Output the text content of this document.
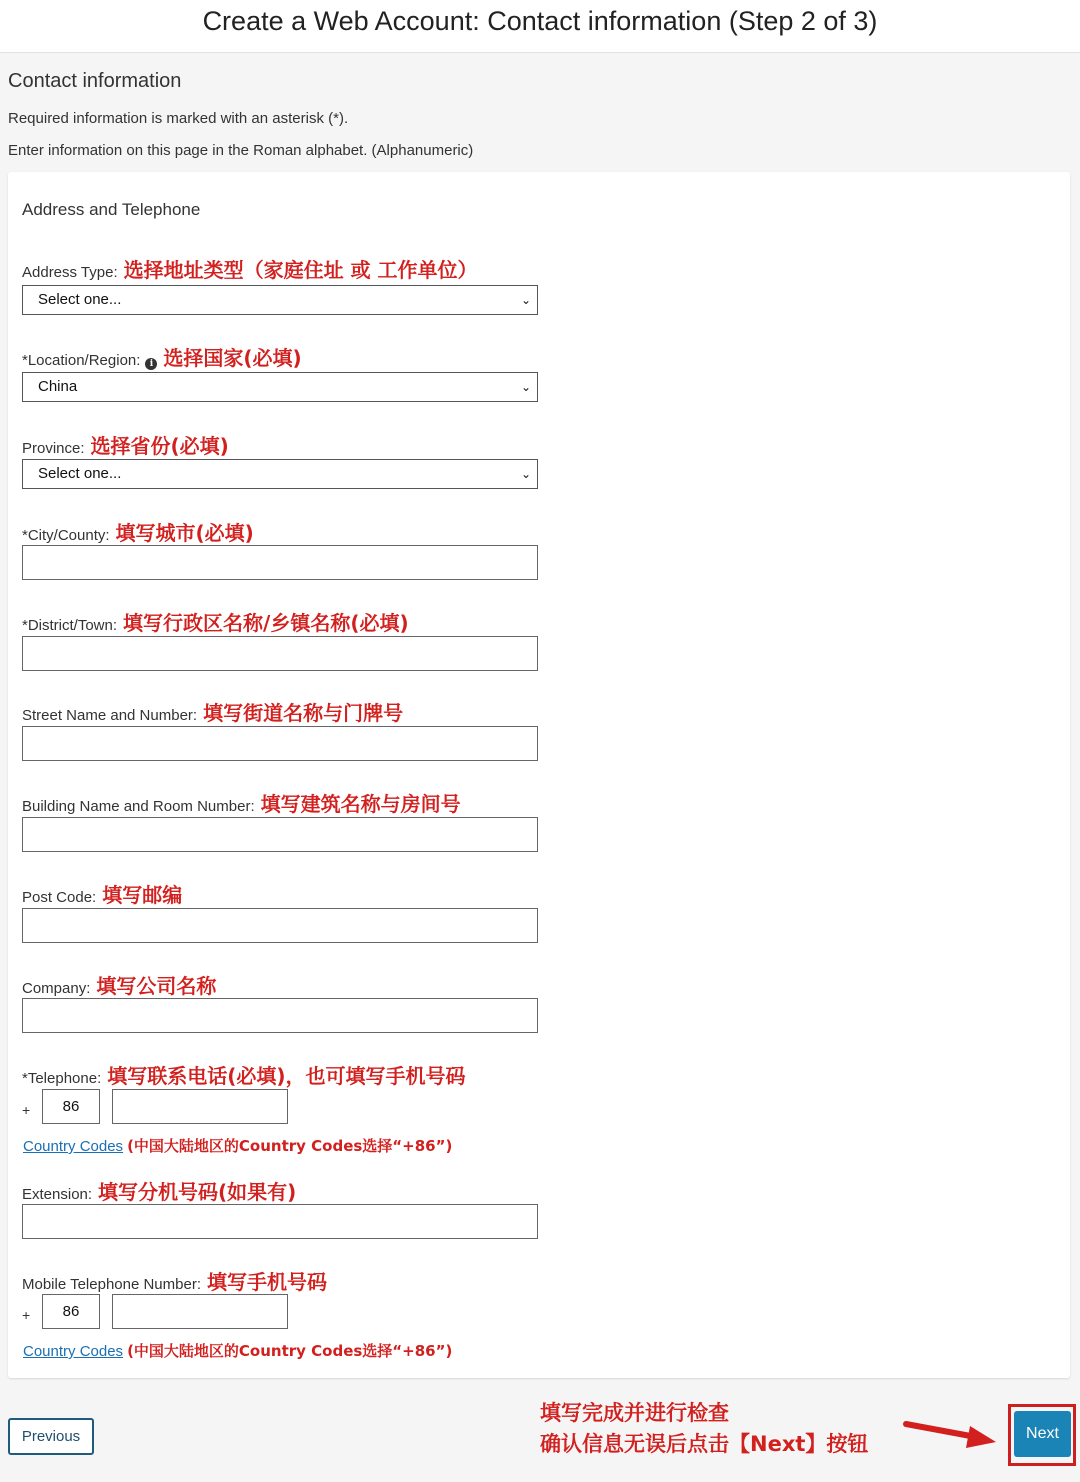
Create a Web Account: Contact information (Step 2 of 3)
Contact information
Required information is marked with an asterisk (*).
Enter information on this page in the Roman alphabet. (Alphanumeric)
Address and Telephone
Address Type: 选择地址类型（家庭住址 或 工作单位）
Select one...	⌄
*Location/Region:	i 选择国家(必填)
China	⌄
Province: 选择省份(必填)
Select one...	⌄
*City/County: 填写城市(必填)
*District/Town: 填写行政区名称/乡镇名称(必填)
Street Name and Number: 填写街道名称与门牌号
Building Name and Room Number: 填写建筑名称与房间号
Post Code: 填写邮编
Company: 填写公司名称
*Telephone: 填写联系电话(必填)，也可填写手机号码
+	86
Country Codes (中国大陆地区的Country Codes选择“+86”)
Extension: 填写分机号码(如果有)
Mobile Telephone Number: 填写手机号码
+	86
Country Codes (中国大陆地区的Country Codes选择“+86”)
Previous
填写完成并进行检查
确认信息无误后点击【Next】按钮	Next
